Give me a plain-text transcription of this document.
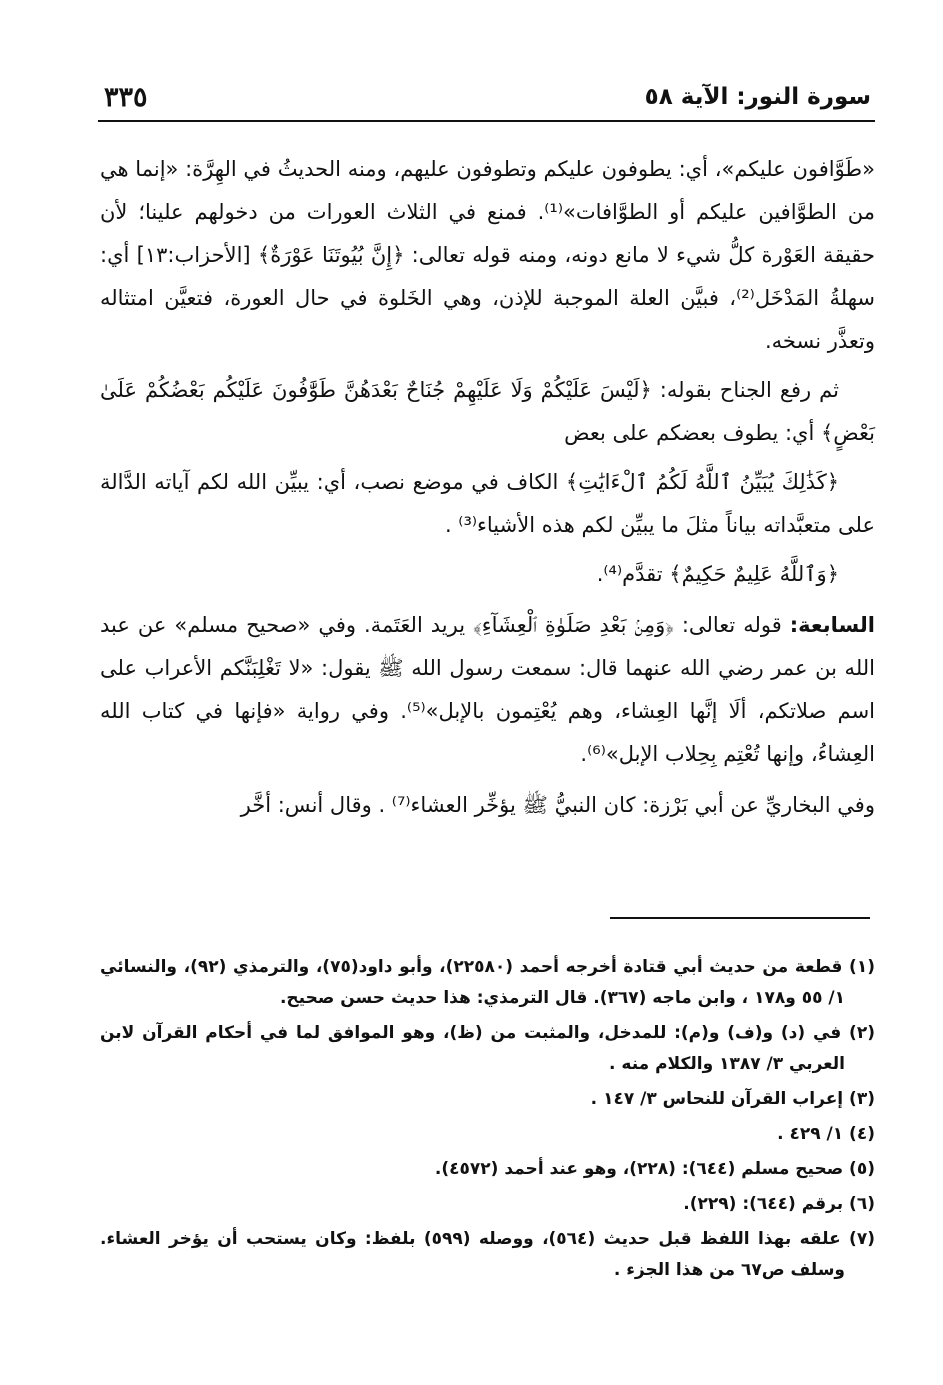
٣٣٥	سورة النور: الآية ٥٨

«طَوَّافون عليكم»، أي: يطوفون عليكم وتطوفون عليهم، ومنه الحديثُ في الهِرَّة: «إنما هي من الطوَّافين عليكم أو الطوَّافات»⁽¹⁾. فمنع في الثلاث العورات من دخولهم علينا؛ لأن حقيقة العَوْرة كلُّ شيء لا مانع دونه، ومنه قوله تعالى: ﴿إِنَّ بُيُوتَنَا عَوْرَةٌ﴾ [الأحزاب:١٣] أي: سهلةُ المَدْخَل⁽²⁾، فبيَّن العلة الموجبة للإذن، وهي الخَلوة في حال العورة، فتعيَّن امتثاله وتعذَّر نسخه.

ثم رفع الجناح بقوله: ﴿لَيْسَ عَلَيْكُمْ وَلَا عَلَيْهِمْ جُنَاحٌ بَعْدَهُنَّ طَوَّٰفُونَ عَلَيْكُم بَعْضُكُمْ عَلَىٰ بَعْضٍ﴾ أي: يطوف بعضكم على بعض

﴿كَذَٰلِكَ يُبَيِّنُ ٱللَّهُ لَكُمُ ٱلْءَايَٰتِ﴾ الكاف في موضع نصب، أي: يبيِّن الله لكم آياته الدَّالة على متعبَّداته بياناً مثلَ ما يبيِّن لكم هذه الأشياء⁽³⁾ .

﴿وَٱللَّهُ عَلِيمٌ حَكِيمٌ﴾ تقدَّم⁽⁴⁾.

السابعة: قوله تعالى: ﴿وَمِنۢ بَعْدِ صَلَوٰةِ ٱلْعِشَآءِ﴾ يريد العَتَمة. وفي «صحيح مسلم» عن عبد الله بن عمر رضي الله عنهما قال: سمعت رسول الله ﷺ يقول: «لا تَغْلِبَنَّكم الأعراب على اسم صلاتكم، ألَا إنَّها العِشاء، وهم يُعْتِمون بالإبل»⁽⁵⁾. وفي رواية «فإنها في كتاب الله العِشاءُ، وإنها تُعْتِم بِحِلاب الإبل»⁽⁶⁾.

وفي البخاريِّ عن أبي بَرْزة: كان النبيُّ ﷺ يؤخِّر العشاء⁽⁷⁾ . وقال أنس: أخَّر

(١) قطعة من حديث أبي قتادة أخرجه أحمد (٢٢٥٨٠)، وأبو داود(٧٥)، والترمذي (٩٢)، والنسائي ١/ ٥٥ و١٧٨ ، وابن ماجه (٣٦٧). قال الترمذي: هذا حديث حسن صحيح.

(٢) في (د) و(ف) و(م): للمدخل، والمثبت من (ظ)، وهو الموافق لما في أحكام القرآن لابن العربي ٣/ ١٣٨٧ والكلام منه .

(٣) إعراب القرآن للنحاس ٣/ ١٤٧ .

(٤) ١/ ٤٢٩ .

(٥) صحيح مسلم (٦٤٤): (٢٢٨)، وهو عند أحمد (٤٥٧٢).

(٦) برقم (٦٤٤): (٢٢٩).

(٧) علقه بهذا اللفظ قبل حديث (٥٦٤)، ووصله (٥٩٩) بلفظ: وكان يستحب أن يؤخر العشاء. وسلف ص٦٧ من هذا الجزء .
